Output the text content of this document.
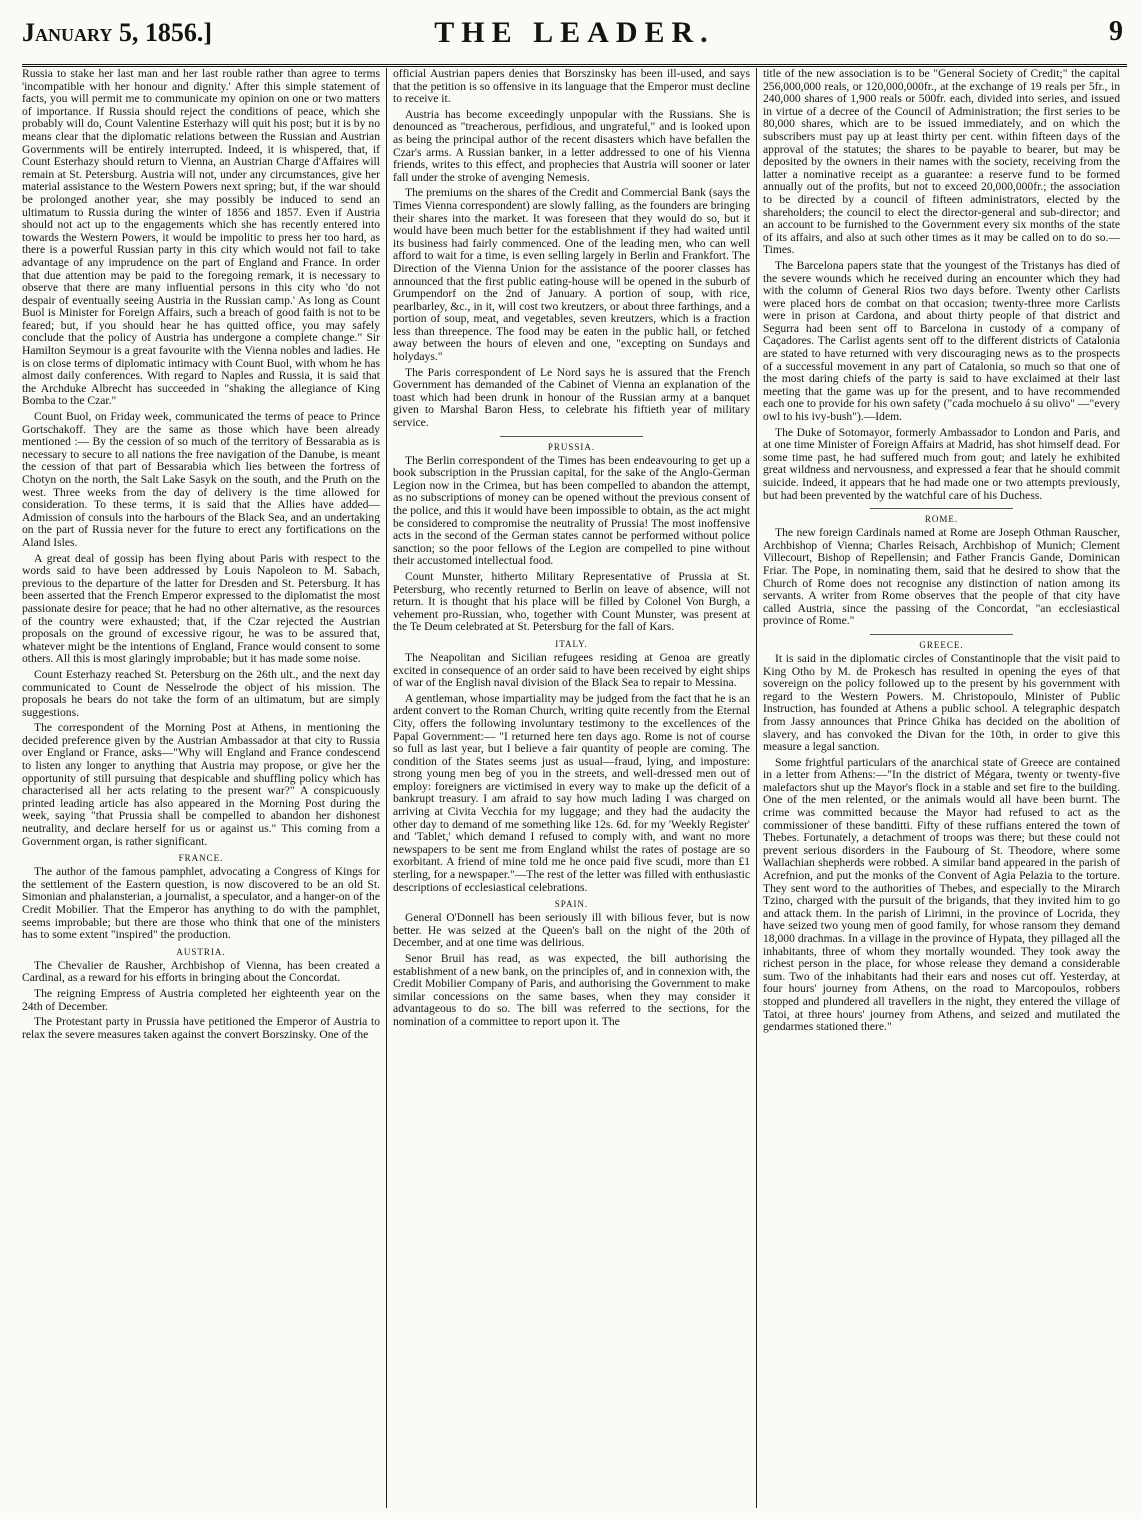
January 5, 1856.]	THE LEADER.	9

Russia to stake her last man and her last rouble rather than agree to terms 'incompatible with her honour and dignity.' After this simple statement of facts, you will permit me to communicate my opinion on one or two matters of importance. If Russia should reject the conditions of peace, which she probably will do, Count Valentine Esterhazy will quit his post; but it is by no means clear that the diplomatic relations between the Russian and Austrian Governments will be entirely interrupted. Indeed, it is whispered, that, if Count Esterhazy should return to Vienna, an Austrian Charge d'Affaires will remain at St. Petersburg. Austria will not, under any circumstances, give her material assistance to the Western Powers next spring; but, if the war should be prolonged another year, she may possibly be induced to send an ultimatum to Russia during the winter of 1856 and 1857. Even if Austria should not act up to the engagements which she has recently entered into towards the Western Powers, it would be impolitic to press her too hard, as there is a powerful Russian party in this city which would not fail to take advantage of any imprudence on the part of England and France. In order that due attention may be paid to the foregoing remark, it is necessary to observe that there are many influential persons in this city who 'do not despair of eventually seeing Austria in the Russian camp.' As long as Count Buol is Minister for Foreign Affairs, such a breach of good faith is not to be feared; but, if you should hear he has quitted office, you may safely conclude that the policy of Austria has undergone a complete change." Sir Hamilton Seymour is a great favourite with the Vienna nobles and ladies. He is on close terms of diplomatic intimacy with Count Buol, with whom he has almost daily conferences. With regard to Naples and Russia, it is said that the Archduke Albrecht has succeeded in "shaking the allegiance of King Bomba to the Czar."

Count Buol, on Friday week, communicated the terms of peace to Prince Gortschakoff. They are the same as those which have been already mentioned :— By the cession of so much of the territory of Bessarabia as is necessary to secure to all nations the free navigation of the Danube, is meant the cession of that part of Bessarabia which lies between the fortress of Chotyn on the north, the Salt Lake Sasyk on the south, and the Pruth on the west. Three weeks from the day of delivery is the time allowed for consideration. To these terms, it is said that the Allies have added—Admission of consuls into the harbours of the Black Sea, and an undertaking on the part of Russia never for the future to erect any fortifications on the Aland Isles.

A great deal of gossip has been flying about Paris with respect to the words said to have been addressed by Louis Napoleon to M. Sabach, previous to the departure of the latter for Dresden and St. Petersburg. It has been asserted that the French Emperor expressed to the diplomatist the most passionate desire for peace; that he had no other alternative, as the resources of the country were exhausted; that, if the Czar rejected the Austrian proposals on the ground of excessive rigour, he was to be assured that, whatever might be the intentions of England, France would consent to some others. All this is most glaringly improbable; but it has made some noise.

Count Esterhazy reached St. Petersburg on the 26th ult., and the next day communicated to Count de Nesselrode the object of his mission. The proposals he bears do not take the form of an ultimatum, but are simply suggestions.

The correspondent of the Morning Post at Athens, in mentioning the decided preference given by the Austrian Ambassador at that city to Russia over England or France, asks—"Why will England and France condescend to listen any longer to anything that Austria may propose, or give her the opportunity of still pursuing that despicable and shuffling policy which has characterised all her acts relating to the present war?" A conspicuously printed leading article has also appeared in the Morning Post during the week, saying "that Prussia shall be compelled to abandon her dishonest neutrality, and declare herself for us or against us." This coming from a Government organ, is rather significant.

FRANCE.

The author of the famous pamphlet, advocating a Congress of Kings for the settlement of the Eastern question, is now discovered to be an old St. Simonian and phalansterian, a journalist, a speculator, and a hanger-on of the Credit Mobilier. That the Emperor has anything to do with the pamphlet, seems improbable; but there are those who think that one of the ministers has to some extent "inspired" the production.

AUSTRIA.

The Chevalier de Rausher, Archbishop of Vienna, has been created a Cardinal, as a reward for his efforts in bringing about the Concordat.

The reigning Empress of Austria completed her eighteenth year on the 24th of December.

The Protestant party in Prussia have petitioned the Emperor of Austria to relax the severe measures taken against the convert Borszinsky. One of the

official Austrian papers denies that Borszinsky has been ill-used, and says that the petition is so offensive in its language that the Emperor must decline to receive it.

Austria has become exceedingly unpopular with the Russians. She is denounced as "treacherous, perfidious, and ungrateful," and is looked upon as being the principal author of the recent disasters which have befallen the Czar's arms. A Russian banker, in a letter addressed to one of his Vienna friends, writes to this effect, and prophecies that Austria will sooner or later fall under the stroke of avenging Nemesis.

The premiums on the shares of the Credit and Commercial Bank (says the Times Vienna correspondent) are slowly falling, as the founders are bringing their shares into the market. It was foreseen that they would do so, but it would have been much better for the establishment if they had waited until its business had fairly commenced. One of the leading men, who can well afford to wait for a time, is even selling largely in Berlin and Frankfort. The Direction of the Vienna Union for the assistance of the poorer classes has announced that the first public eating-house will be opened in the suburb of Grumpendorf on the 2nd of January. A portion of soup, with rice, pearlbarley, &c., in it, will cost two kreutzers, or about three farthings, and a portion of soup, meat, and vegetables, seven kreutzers, which is a fraction less than threepence. The food may be eaten in the public hall, or fetched away between the hours of eleven and one, "excepting on Sundays and holydays."

The Paris correspondent of Le Nord says he is assured that the French Government has demanded of the Cabinet of Vienna an explanation of the toast which had been drunk in honour of the Russian army at a banquet given to Marshal Baron Hess, to celebrate his fiftieth year of military service.

PRUSSIA.

The Berlin correspondent of the Times has been endeavouring to get up a book subscription in the Prussian capital, for the sake of the Anglo-German Legion now in the Crimea, but has been compelled to abandon the attempt, as no subscriptions of money can be opened without the previous consent of the police, and this it would have been impossible to obtain, as the act might be considered to compromise the neutrality of Prussia! The most inoffensive acts in the second of the German states cannot be performed without police sanction; so the poor fellows of the Legion are compelled to pine without their accustomed intellectual food.

Count Munster, hitherto Military Representative of Prussia at St. Petersburg, who recently returned to Berlin on leave of absence, will not return. It is thought that his place will be filled by Colonel Von Burgh, a vehement pro-Russian, who, together with Count Munster, was present at the Te Deum celebrated at St. Petersburg for the fall of Kars.

ITALY.

The Neapolitan and Sicilian refugees residing at Genoa are greatly excited in consequence of an order said to have been received by eight ships of war of the English naval division of the Black Sea to repair to Messina.

A gentleman, whose impartiality may be judged from the fact that he is an ardent convert to the Roman Church, writing quite recently from the Eternal City, offers the following involuntary testimony to the excellences of the Papal Government:— "I returned here ten days ago. Rome is not of course so full as last year, but I believe a fair quantity of people are coming. The condition of the States seems just as usual—fraud, lying, and imposture: strong young men beg of you in the streets, and well-dressed men out of employ: foreigners are victimised in every way to make up the deficit of a bankrupt treasury. I am afraid to say how much lading I was charged on arriving at Civita Vecchia for my luggage; and they had the audacity the other day to demand of me something like 12s. 6d. for my 'Weekly Register' and 'Tablet,' which demand I refused to comply with, and want no more newspapers to be sent me from England whilst the rates of postage are so exorbitant. A friend of mine told me he once paid five scudi, more than £1 sterling, for a newspaper."—The rest of the letter was filled with enthusiastic descriptions of ecclesiastical celebrations.

SPAIN.

General O'Donnell has been seriously ill with bilious fever, but is now better. He was seized at the Queen's ball on the night of the 20th of December, and at one time was delirious.

Senor Bruil has read, as was expected, the bill authorising the establishment of a new bank, on the principles of, and in connexion with, the Credit Mobilier Company of Paris, and authorising the Government to make similar concessions on the same bases, when they may consider it advantageous to do so. The bill was referred to the sections, for the nomination of a committee to report upon it. The

title of the new association is to be "General Society of Credit;" the capital 256,000,000 reals, or 120,000,000fr., at the exchange of 19 reals per 5fr., in 240,000 shares of 1,900 reals or 500fr. each, divided into series, and issued in virtue of a decree of the Council of Administration; the first series to be 80,000 shares, which are to be issued immediately, and on which the subscribers must pay up at least thirty per cent. within fifteen days of the approval of the statutes; the shares to be payable to bearer, but may be deposited by the owners in their names with the society, receiving from the latter a nominative receipt as a guarantee: a reserve fund to be formed annually out of the profits, but not to exceed 20,000,000fr.; the association to be directed by a council of fifteen administrators, elected by the shareholders; the council to elect the director-general and sub-director; and an account to be furnished to the Government every six months of the state of its affairs, and also at such other times as it may be called on to do so.—Times.

The Barcelona papers state that the youngest of the Tristanys has died of the severe wounds which he received during an encounter which they had with the column of General Rios two days before. Twenty other Carlists were placed hors de combat on that occasion; twenty-three more Carlists were in prison at Cardona, and about thirty people of that district and Segurra had been sent off to Barcelona in custody of a company of Caçadores. The Carlist agents sent off to the different districts of Catalonia are stated to have returned with very discouraging news as to the prospects of a successful movement in any part of Catalonia, so much so that one of the most daring chiefs of the party is said to have exclaimed at their last meeting that the game was up for the present, and to have recommended each one to provide for his own safety ("cada mochuelo á su olivo" —"every owl to his ivy-bush").—Idem.

The Duke of Sotomayor, formerly Ambassador to London and Paris, and at one time Minister of Foreign Affairs at Madrid, has shot himself dead. For some time past, he had suffered much from gout; and lately he exhibited great wildness and nervousness, and expressed a fear that he should commit suicide. Indeed, it appears that he had made one or two attempts previously, but had been prevented by the watchful care of his Duchess.

ROME.

The new foreign Cardinals named at Rome are Joseph Othman Rauscher, Archbishop of Vienna; Charles Reisach, Archbishop of Munich; Clement Villecourt, Bishop of Repellensin; and Father Francis Gande, Dominican Friar. The Pope, in nominating them, said that he desired to show that the Church of Rome does not recognise any distinction of nation among its servants. A writer from Rome observes that the people of that city have called Austria, since the passing of the Concordat, "an ecclesiastical province of Rome."

GREECE.

It is said in the diplomatic circles of Constantinople that the visit paid to King Otho by M. de Prokesch has resulted in opening the eyes of that sovereign on the policy followed up to the present by his government with regard to the Western Powers. M. Christopoulo, Minister of Public Instruction, has founded at Athens a public school. A telegraphic despatch from Jassy announces that Prince Ghika has decided on the abolition of slavery, and has convoked the Divan for the 10th, in order to give this measure a legal sanction.

Some frightful particulars of the anarchical state of Greece are contained in a letter from Athens:—"In the district of Mégara, twenty or twenty-five malefactors shut up the Mayor's flock in a stable and set fire to the building. One of the men relented, or the animals would all have been burnt. The crime was committed because the Mayor had refused to act as the commissioner of these banditti. Fifty of these ruffians entered the town of Thebes. Fortunately, a detachment of troops was there; but these could not prevent serious disorders in the Faubourg of St. Theodore, where some Wallachian shepherds were robbed. A similar band appeared in the parish of Acrefnion, and put the monks of the Convent of Agia Pelazia to the torture. They sent word to the authorities of Thebes, and especially to the Mirarch Tzino, charged with the pursuit of the brigands, that they invited him to go and attack them. In the parish of Lirimni, in the province of Locrida, they have seized two young men of good family, for whose ransom they demand 18,000 drachmas. In a village in the province of Hypata, they pillaged all the inhabitants, three of whom they mortally wounded. They took away the richest person in the place, for whose release they demand a considerable sum. Two of the inhabitants had their ears and noses cut off. Yesterday, at four hours' journey from Athens, on the road to Marcopoulos, robbers stopped and plundered all travellers in the night, they entered the village of Tatoi, at three hours' journey from Athens, and seized and mutilated the gendarmes stationed there."
